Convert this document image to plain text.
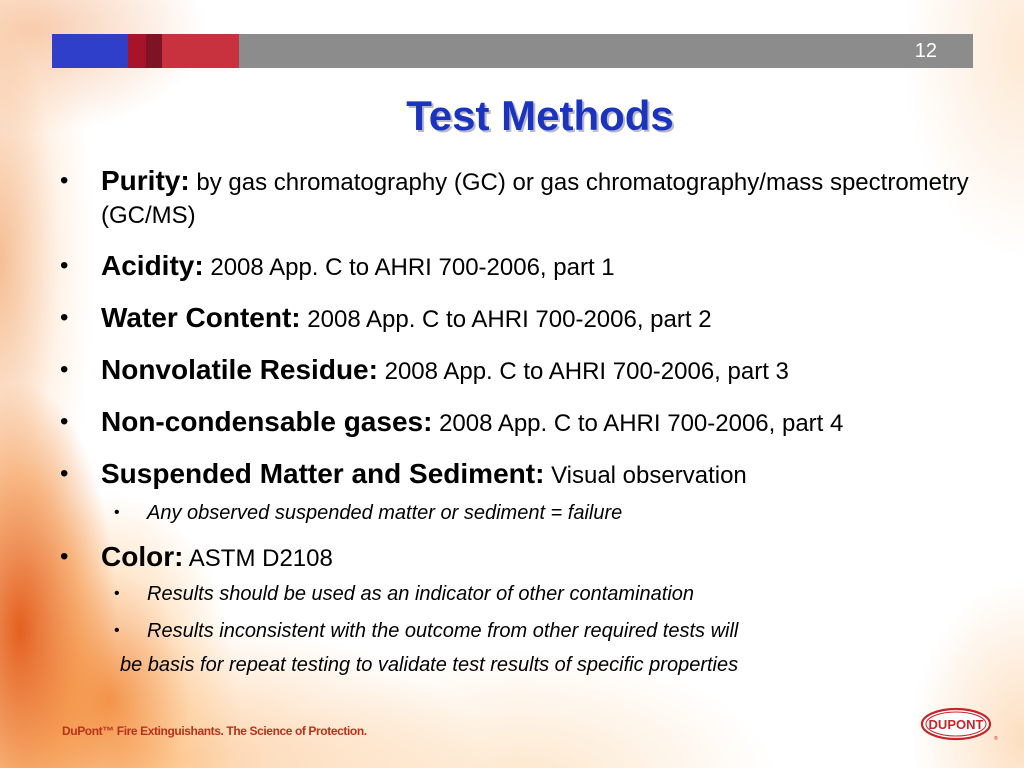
12
Test Methods
• Purity: by gas chromatography (GC) or gas chromatography/mass spectrometry (GC/MS)
• Acidity: 2008 App. C to AHRI 700-2006, part 1
• Water Content: 2008 App. C to AHRI 700-2006, part 2
• Nonvolatile Residue: 2008 App. C to AHRI 700-2006, part 3
• Non-condensable gases: 2008 App. C to AHRI 700-2006, part 4
• Suspended Matter and Sediment: Visual observation
• Any observed suspended matter or sediment = failure
• Color: ASTM D2108
• Results should be used as an indicator of other contamination
• Results inconsistent with the outcome from other required tests will
be basis for repeat testing to validate test results of specific properties
DuPont™ Fire Extinguishants. The Science of Protection.	DUPONT
®
